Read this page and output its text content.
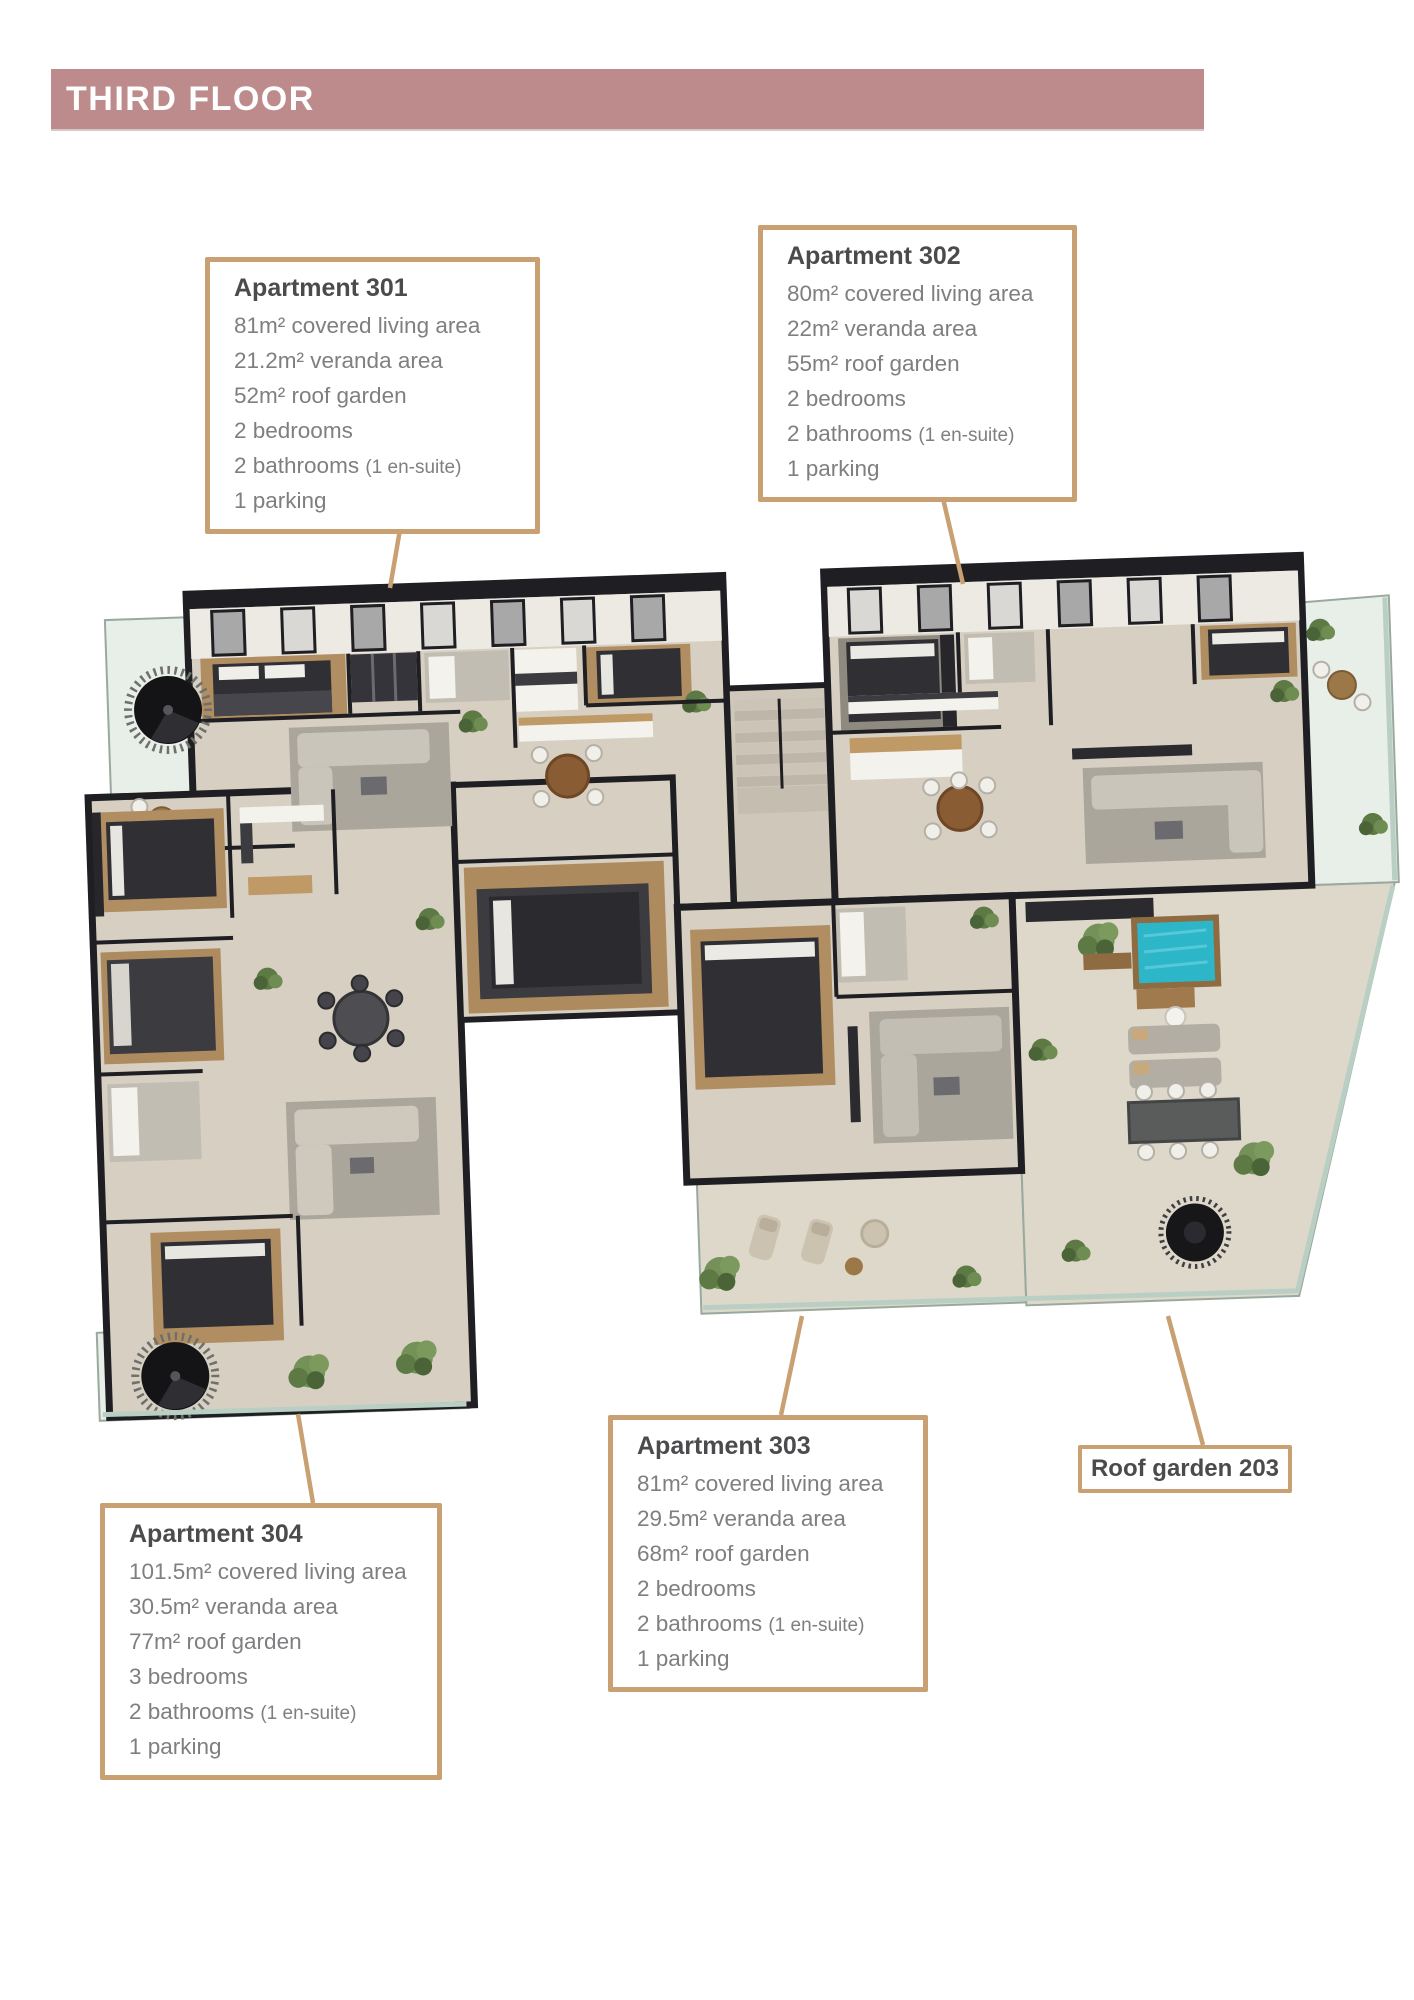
THIRD FLOOR
Apartment 301
81m² covered living area
21.2m² veranda area
52m² roof garden
2 bedrooms
2 bathrooms (1 en-suite)
1 parking
Apartment 302
80m² covered living area
22m² veranda area
55m² roof garden
2 bedrooms
2 bathrooms (1 en-suite)
1 parking
Apartment 303
81m² covered living area
29.5m² veranda area
68m² roof garden
2 bedrooms
2 bathrooms (1 en-suite)
1 parking
Apartment 304
101.5m² covered living area
30.5m² veranda area
77m² roof garden
3 bedrooms
2 bathrooms (1 en-suite)
1 parking
Roof garden 203
